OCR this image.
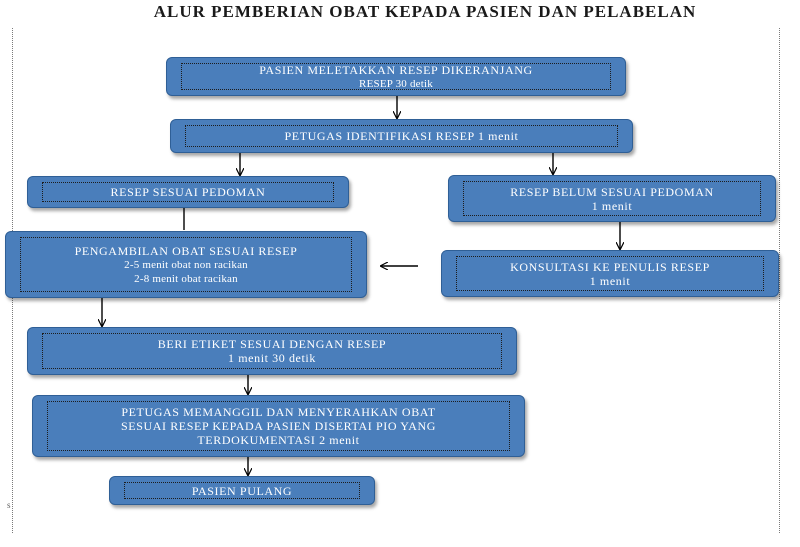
ALUR PEMBERIAN OBAT KEPADA PASIEN DAN PELABELAN
s
PASIEN MELETAKKAN RESEP DIKERANJANG
RESEP 30 detik
PETUGAS IDENTIFIKASI RESEP 1 menit
RESEP SESUAI PEDOMAN	RESEP BELUM SESUAI PEDOMAN
1 menit
PENGAMBILAN OBAT SESUAI RESEP
2-5 menit obat non racikan
2-8 menit obat racikan
KONSULTASI KE PENULIS RESEP
1 menit
BERI ETIKET SESUAI DENGAN RESEP
1 menit 30 detik
PETUGAS MEMANGGIL DAN MENYERAHKAN OBAT
SESUAI RESEP KEPADA PASIEN DISERTAI PIO YANG
TERDOKUMENTASI 2 menit
PASIEN PULANG
